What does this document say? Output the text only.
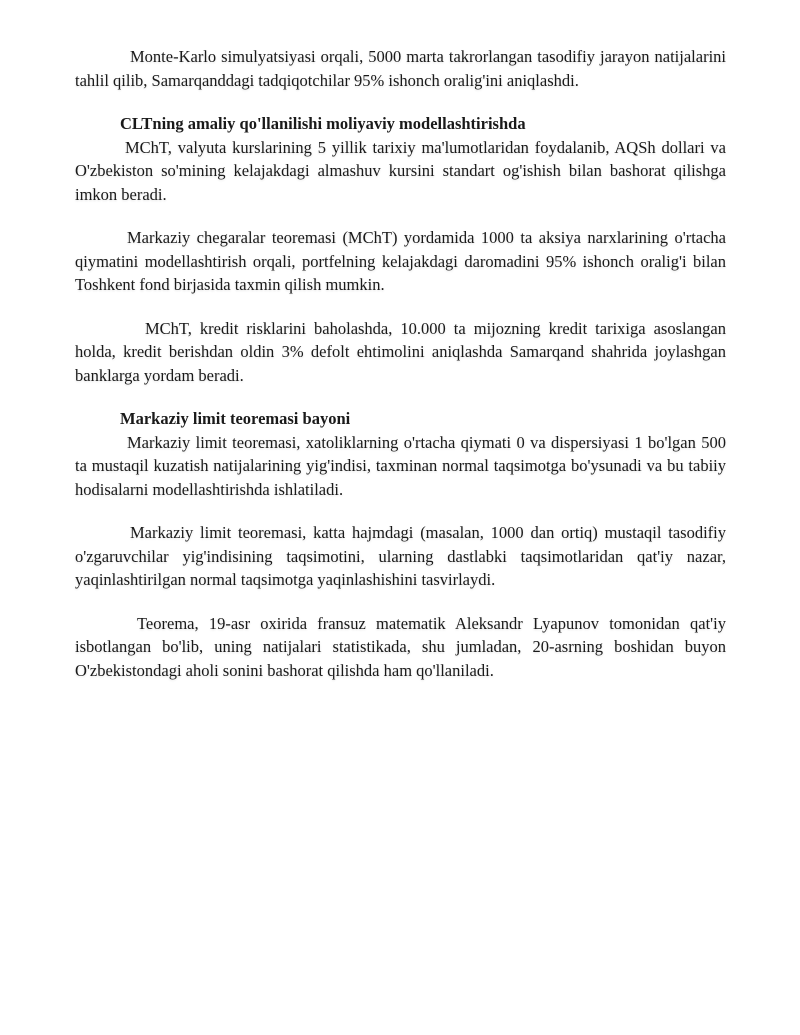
Monte-Karlo simulyatsiyasi orqali, 5000 marta takrorlangan tasodifiy jarayon natijalarini tahlil qilib, Samarqanddagi tadqiqotchilar 95% ishonch oralig'ini aniqlashdi.

CLTning amaliy qo'llanilishi moliyaviy modellashtirishda

MChT, valyuta kurslarining 5 yillik tarixiy ma'lumotlaridan foydalanib, AQSh dollari va O'zbekiston so'mining kelajakdagi almashuv kursini standart og'ishish bilan bashorat qilishga imkon beradi.

Markaziy chegaralar teoremasi (MChT) yordamida 1000 ta aksiya narxlarining o'rtacha qiymatini modellashtirish orqali, portfelning kelajakdagi daromadini 95% ishonch oralig'i bilan Toshkent fond birjasida taxmin qilish mumkin.

MChT, kredit risklarini baholashda, 10.000 ta mijozning kredit tarixiga asoslangan holda, kredit berishdan oldin 3% defolt ehtimolini aniqlashda Samarqand shahrida joylashgan banklarga yordam beradi.

Markaziy limit teoremasi bayoni

Markaziy limit teoremasi, xatoliklarning o'rtacha qiymati 0 va dispersiyasi 1 bo'lgan 500 ta mustaqil kuzatish natijalarining yig'indisi, taxminan normal taqsimotga bo'ysunadi va bu tabiiy hodisalarni modellashtirishda ishlatiladi.

Markaziy limit teoremasi, katta hajmdagi (masalan, 1000 dan ortiq) mustaqil tasodifiy o'zgaruvchilar yig'indisining taqsimotini, ularning dastlabki taqsimotlaridan qat'iy nazar, yaqinlashtirilgan normal taqsimotga yaqinlashishini tasvirlaydi.

Teorema, 19-asr oxirida fransuz matematik Aleksandr Lyapunov tomonidan qat'iy isbotlangan bo'lib, uning natijalari statistikada, shu jumladan, 20-asrning boshidan buyon O'zbekistondagi aholi sonini bashorat qilishda ham qo'llaniladi.
